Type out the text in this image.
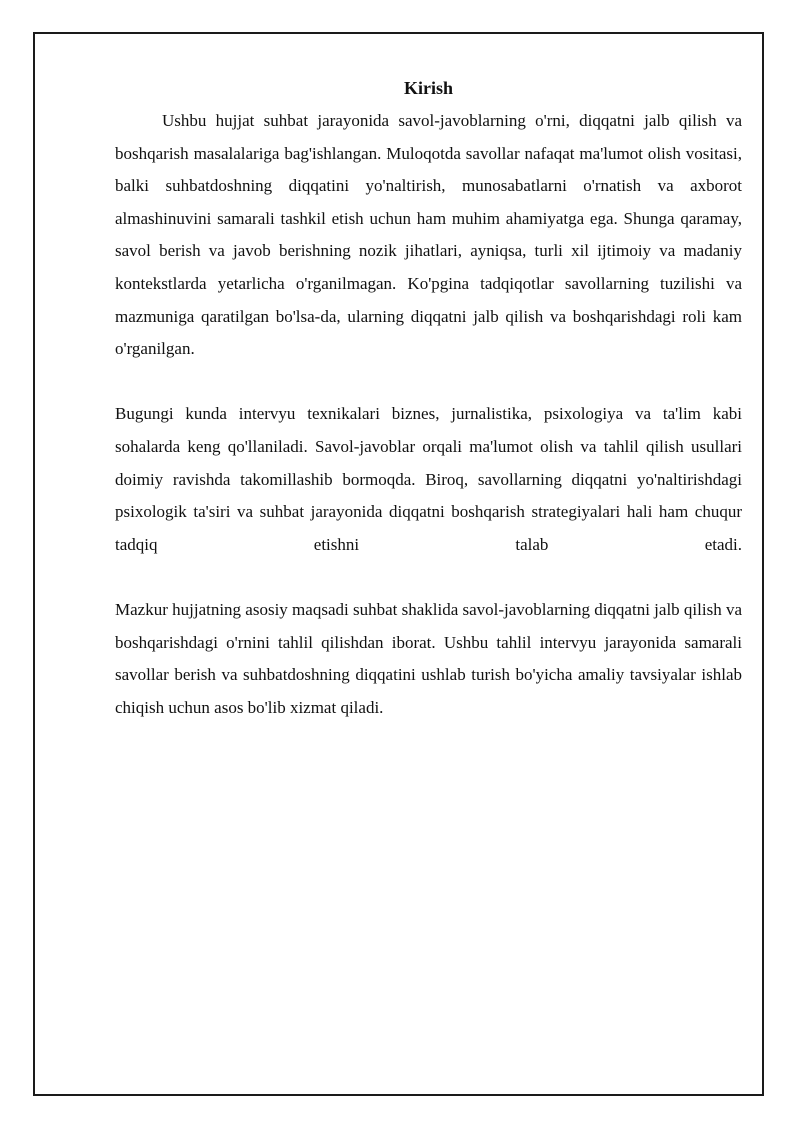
Kirish

Ushbu hujjat suhbat jarayonida savol-javoblarning o'rni, diqqatni jalb qilish va boshqarish masalalariga bag'ishlangan. Muloqotda savollar nafaqat ma'lumot olish vositasi, balki suhbatdoshning diqqatini yo'naltirish, munosabatlarni o'rnatish va axborot almashinuvini samarali tashkil etish uchun ham muhim ahamiyatga ega. Shunga qaramay, savol berish va javob berishning nozik jihatlari, ayniqsa, turli xil ijtimoiy va madaniy kontekstlarda yetarlicha o'rganilmagan. Ko'pgina tadqiqotlar savollarning tuzilishi va mazmuniga qaratilgan bo'lsa-da, ularning diqqatni jalb qilish va boshqarishdagi roli kam o'rganilgan.

Bugungi kunda intervyu texnikalari biznes, jurnalistika, psixologiya va ta'lim kabi sohalarda keng qo'llaniladi. Savol-javoblar orqali ma'lumot olish va tahlil qilish usullari doimiy ravishda takomillashib bormoqda. Biroq, savollarning diqqatni yo'naltirishdagi psixologik ta'siri va suhbat jarayonida diqqatni boshqarish strategiyalari hali ham chuqur tadqiq etishni talab etadi.

Mazkur hujjatning asosiy maqsadi suhbat shaklida savol-javoblarning diqqatni jalb qilish va boshqarishdagi o'rnini tahlil qilishdan iborat. Ushbu tahlil intervyu jarayonida samarali savollar berish va suhbatdoshning diqqatini ushlab turish bo'yicha amaliy tavsiyalar ishlab chiqish uchun asos bo'lib xizmat qiladi.
